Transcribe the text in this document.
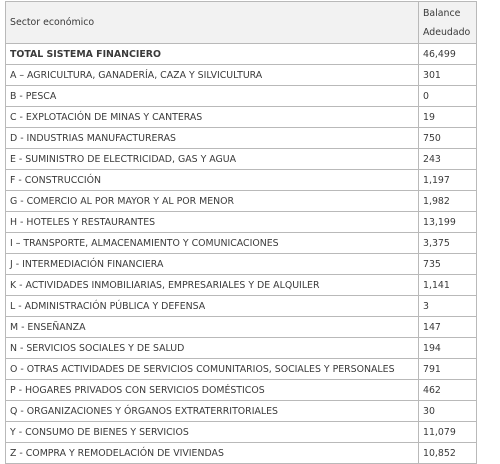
Sector económico	Balance
Adeudado
TOTAL SISTEMA FINANCIERO	46,499
A – AGRICULTURA, GANADERÍA, CAZA Y SILVICULTURA	301
B - PESCA	0
C - EXPLOTACIÓN DE MINAS Y CANTERAS	19
D - INDUSTRIAS MANUFACTURERAS	750
E - SUMINISTRO DE ELECTRICIDAD, GAS Y AGUA	243
F - CONSTRUCCIÓN	1,197
G - COMERCIO AL POR MAYOR Y AL POR MENOR	1,982
H - HOTELES Y RESTAURANTES	13,199
I – TRANSPORTE, ALMACENAMIENTO Y COMUNICACIONES	3,375
J - INTERMEDIACIÓN FINANCIERA	735
K - ACTIVIDADES INMOBILIARIAS, EMPRESARIALES Y DE ALQUILER	1,141
L - ADMINISTRACIÓN PÚBLICA Y DEFENSA	3
M - ENSEÑANZA	147
N - SERVICIOS SOCIALES Y DE SALUD	194
O - OTRAS ACTIVIDADES DE SERVICIOS COMUNITARIOS, SOCIALES Y PERSONALES	791
P - HOGARES PRIVADOS CON SERVICIOS DOMÉSTICOS	462
Q - ORGANIZACIONES Y ÓRGANOS EXTRATERRITORIALES	30
Y - CONSUMO DE BIENES Y SERVICIOS	11,079
Z - COMPRA Y REMODELACIÓN DE VIVIENDAS	10,852
